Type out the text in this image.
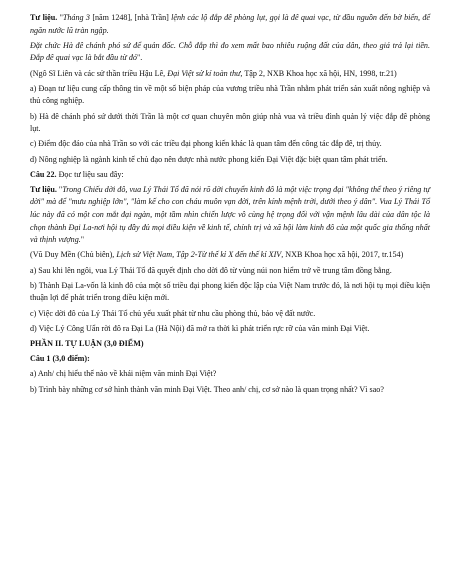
Tư liệu. "Tháng 3 [năm 1248], [nhà Trần] lệnh các lộ đắp đê phòng lụt, gọi là đê quai vạc, từ đầu nguồn đến bờ biển, để ngăn nước lũ tràn ngập.

Đặt chức Hà đê chánh phó sứ để quản đốc. Chỗ đắp thì đo xem mất bao nhiêu ruộng đất của dân, theo giá trả lại tiền. Đắp đê quai vạc là bắt đầu từ đó".

(Ngô Sĩ Liên và các sử thần triều Hậu Lê, Đại Việt sử kí toàn thư, Tập 2, NXB Khoa học xã hội, HN, 1998, tr.21)

a) Đoạn tư liệu cung cấp thông tin về một số biện pháp của vương triều nhà Trần nhằm phát triển sản xuất nông nghiệp và thủ công nghiệp.

b) Hà đê chánh phó sứ dưới thời Trần là một cơ quan chuyên môn giúp nhà vua và triều đình quản lý việc đắp đê phòng lụt.

c) Điểm độc đáo của nhà Trần so với các triều đại phong kiến khác là quan tâm đến công tác đắp đê, trị thủy.

d) Nông nghiệp là ngành kinh tế chủ đạo nên được nhà nước phong kiến Đại Việt đặc biệt quan tâm phát triển.

Câu 22. Đọc tư liệu sau đây:

Tư liệu. "Trong Chiếu dời đô, vua Lý Thái Tổ đã nói rõ dời chuyển kinh đô là một việc trọng đại "không thể theo ý riêng tự dời" mà để "mưu nghiệp lớn", "làm kế cho con cháu muôn vạn đời, trên kính mệnh trời, dưới theo ý dân". Vua Lý Thái Tổ lúc này đã có một con mắt đại ngàn, một tầm nhìn chiến lược vô cùng hệ trọng đối với vận mệnh lâu dài của dân tộc là chọn thành Đại La-nơi hội tụ đầy đủ mọi điều kiện về kinh tế, chính trị và xã hội làm kinh đô của một quốc gia thống nhất và thịnh vượng."

(Vũ Duy Mền (Chủ biên), Lịch sử Việt Nam, Tập 2-Từ thế kỉ X đến thế kỉ XIV, NXB Khoa học xã hội, 2017, tr.154)

a) Sau khi lên ngôi, vua Lý Thái Tổ đã quyết định cho dời đô từ vùng núi non hiểm trở về trung tâm đồng bằng.

b) Thành Đại La-vốn là kinh đô của một số triều đại phong kiến độc lập của Việt Nam trước đó, là nơi hội tụ mọi điều kiện thuận lợi để phát triển trong điều kiện mới.

c) Việc dời đô của Lý Thái Tổ chủ yếu xuất phát từ nhu cầu phòng thủ, bảo vệ đất nước.

d) Việc Lý Công Uẩn rời đô ra Đại La (Hà Nội) đã mở ra thời kì phát triển rực rỡ của văn minh Đại Việt.

PHẦN II. TỰ LUẬN (3,0 ĐIỂM)

Câu 1 (3,0 điểm):

a) Anh/ chị hiểu thế nào về khái niệm văn minh Đại Việt?

b) Trình bày những cơ sở hình thành văn minh Đại Việt. Theo anh/ chị, cơ sở nào là quan trọng nhất? Vì sao?
